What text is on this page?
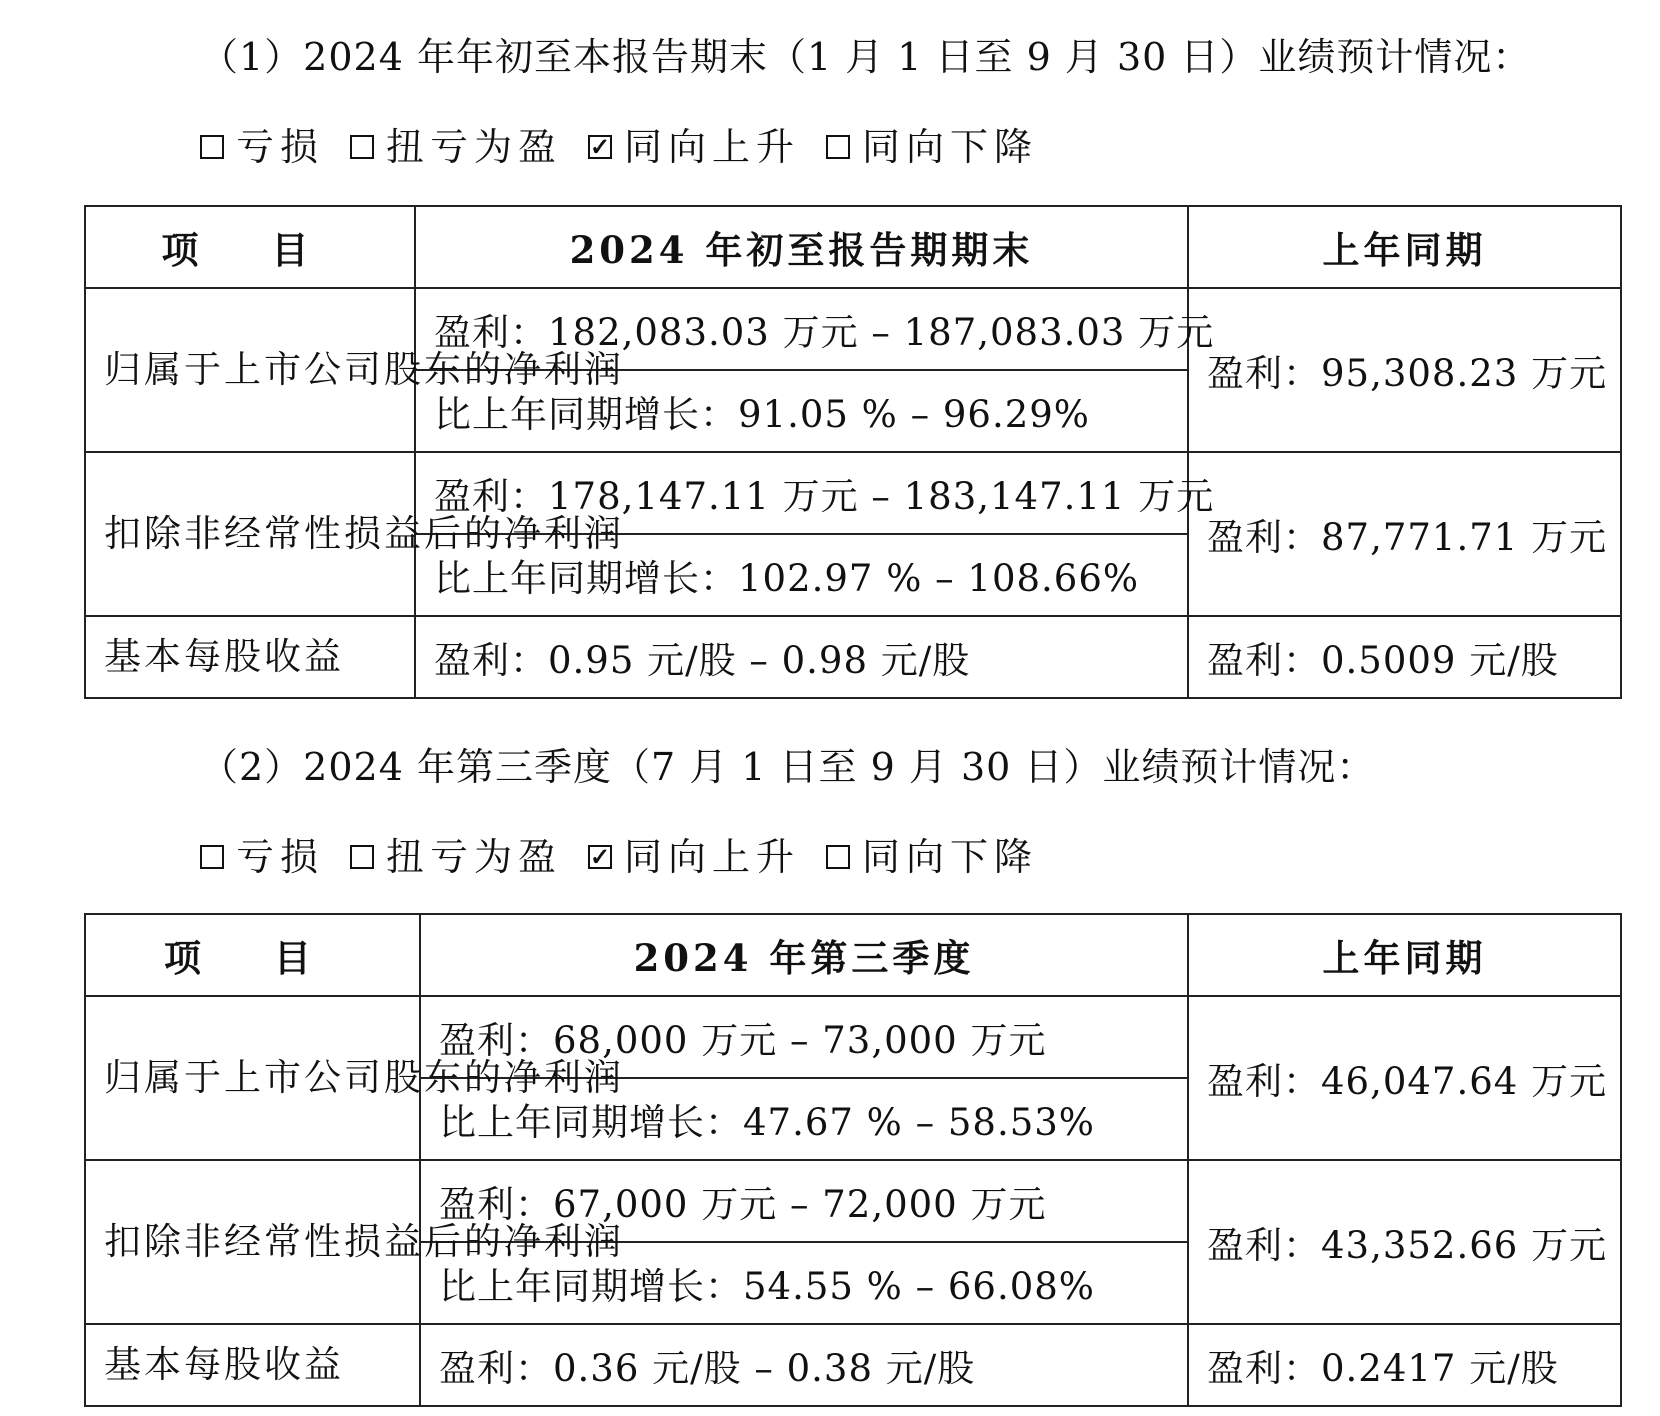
（1）2024 年年初至本报告期末（1 月 1 日至 9 月 30 日）业绩预计情况：
亏损 扭亏为盈 ✓ 同向上升 同向下降
项 目	2024 年初至报告期期末	上年同期
归属于上市公司股东的净利润	盈利：182,083.03 万元 – 187,083.03 万元	盈利：95,308.23 万元
	比上年同期增长：91.05 % – 96.29%	
扣除非经常性损益后的净利润	盈利：178,147.11 万元 – 183,147.11 万元	盈利：87,771.71 万元
	比上年同期增长：102.97 % – 108.66%	
基本每股收益	盈利：0.95 元/股 – 0.98 元/股	盈利：0.5009 元/股
（2）2024 年第三季度（7 月 1 日至 9 月 30 日）业绩预计情况：
亏损 扭亏为盈 ✓ 同向上升 同向下降
项 目	2024 年第三季度	上年同期
归属于上市公司股东的净利润	盈利：68,000 万元 – 73,000 万元	盈利：46,047.64 万元
	比上年同期增长：47.67 % – 58.53%	
扣除非经常性损益后的净利润	盈利：67,000 万元 – 72,000 万元	盈利：43,352.66 万元
	比上年同期增长：54.55 % – 66.08%	
基本每股收益	盈利：0.36 元/股 – 0.38 元/股	盈利：0.2417 元/股
